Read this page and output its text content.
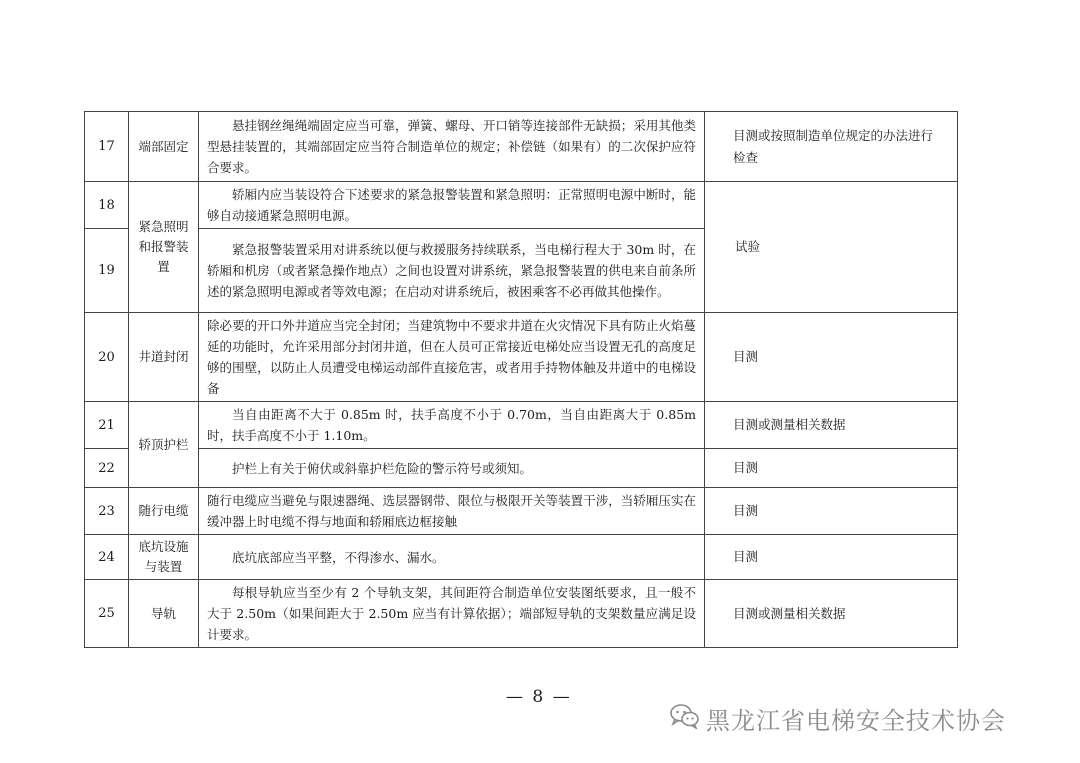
17	端部固定	悬挂钢丝绳绳端固定应当可靠，弹簧、螺母、开口销等连接部件无缺损；采用其他类型悬挂装置的，其端部固定应当符合制造单位的规定；补偿链（如果有）的二次保护应符合要求。	目测或按照制造单位规定的办法进行检查
18	紧急照明和报警装置	轿厢内应当装设符合下述要求的紧急报警装置和紧急照明：正常照明电源中断时，能够自动接通紧急照明电源。	试验
19		紧急报警装置采用对讲系统以便与救援服务持续联系，当电梯行程大于 30m 时，在轿厢和机房（或者紧急操作地点）之间也设置对讲系统，紧急报警装置的供电来自前条所述的紧急照明电源或者等效电源；在启动对讲系统后，被困乘客不必再做其他操作。	

20	井道封闭	除必要的开口外井道应当完全封闭；当建筑物中不要求井道在火灾情况下具有防止火焰蔓延的功能时，允许采用部分封闭井道，但在人员可正常接近电梯处应当设置无孔的高度足够的围壁，以防止人员遭受电梯运动部件直接危害，或者用手持物体触及井道中的电梯设备	目测
21	轿顶护栏	当自由距离不大于 0.85m 时，扶手高度不小于 0.70m，当自由距离大于 0.85m 时，扶手高度不小于 1.10m。	目测或测量相关数据
22		护栏上有关于俯伏或斜靠护栏危险的警示符号或须知。	目测
23	随行电缆	随行电缆应当避免与限速器绳、选层器钢带、限位与极限开关等装置干涉，当轿厢压实在缓冲器上时电缆不得与地面和轿厢底边框接触	目测
24	底坑设施与装置	底坑底部应当平整，不得渗水、漏水。	目测
25	导轨	每根导轨应当至少有 2 个导轨支架，其间距符合制造单位安装图纸要求，且一般不大于 2.50m（如果间距大于 2.50m 应当有计算依据）；端部短导轨的支架数量应满足设计要求。	目测或测量相关数据
— 8 —
黑龙江省电梯安全技术协会
